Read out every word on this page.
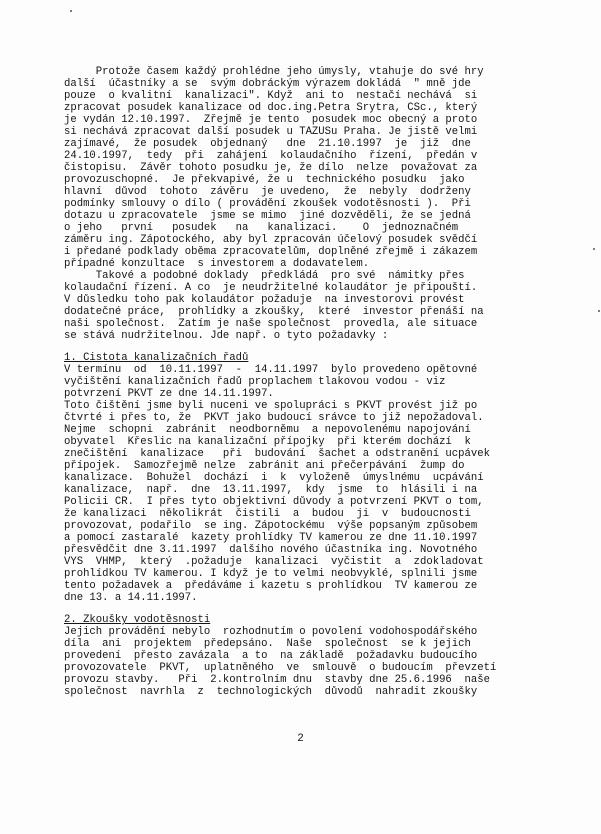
Protože časem každý prohlédne jeho úmysly, vtahuje do své hry
další  účastníky a se  svým dobráckým výrazem dokládá  " mně jde
pouze  o kvalitní  kanalizaci". Když  ani to  nestačí nechává  si
zpracovat posudek kanalizace od doc.ing.Petra Šrytra, CSc., který
je vydán 12.10.1997.  Zřejmě je tento  posudek moc obecný a proto
si nechává zpracovat další posudek u TAZUSu Praha. Je jistě velmi
zajímavé,  že posudek  objednaný   dne  21.10.1997  je  již  dne
24.10.1997,  tedy  při  zahájení  kolaudačního  řízení,  předán v
čistopisu.  Závěr tohoto posudku je, že dílo  nelze  považovat za
provozuschopné.  Je překvapivé, že u  technického posudku  jako
hlavní  důvod  tohoto  závěru  je uvedeno,  že  nebyly  dodrženy
podmínky smlouvy o dílo ( provádění zkoušek vodotěsnosti ).  Při
dotazu u zpracovatele  jsme se mimo  jiné dozvěděli, že se jedná
o jeho   první   posudek   na   kanalizaci.    O  jednoznačném
záměru ing. Zápotockého, aby byl zpracován účelový posudek svědčí
i předané podklady oběma zpracovatelům, doplněné zřejmě i zákazem
případné konzultace  s investorem a dodavatelem.
Takové a podobné doklady  předkládá  pro své  námitky přes
kolaudační řízení. A co  je neudržitelné kolaudátor je připouští.
V důsledku toho pak kolaudátor požaduje  na investorovi provést
dodatečné práce,  prohlídky a zkoušky,  které  investor přenáší na
naši společnost.  Zatím je naše společnost  provedla, ale situace
se stává nudržitelnou. Jde např. o tyto požadavky :
1. Čistota kanalizačních řadů
V termínu  od  10.11.1997  -  14.11.1997  bylo provedeno opětovné
vyčištění kanalizačních řadů proplachem tlakovou vodou - viz
potvrzení PKVT ze dne 14.11.1997.
Toto čištění jsme byli nuceni ve spolupráci s PKVT provést již po
čtvrté i přes to, že  PKVT jako budoucí srávce to již nepožadoval.
Nejme  schopni  zabránit  neodborněmu  a nepovolenému napojování
obyvatel  Křeslic na kanalizační přípojky  při kterém dochází  k
znečištění  kanalizace   při  budování  šachet a odstranění ucpávek
přípojek.  Samozřejmě nelze  zabránit ani přečerpávání  žump do
kanalizace.  Bohužel  dochází  i  k  vyloženě  úmyslnému  ucpávání
kanalizace,  např.  dne  13.11.1997,  kdy  jsme  to  hlásili i na
Policii ČR.  I přes tyto objektivní důvody a potvrzení PKVT o tom,
že kanalizaci  několikrát  čistili  a  budou  ji  v  budoucnosti
provozovat, podařilo  se ing. Zápotockému  výše popsaným způsobem
a pomocí zastaralé  kazety prohlídky TV kamerou ze dne 11.10.1997
přesvědčit dne 3.11.1997  dalšího nového účastníka ing. Novotného
VYS  VHMP,  který  .požaduje  kanalizaci  vyčistit  a  zdokladovat
prohlídkou TV kamerou. I když je to velmi neobvyklé, splnili jsme
tento požadavek a  předáváme i kazetu s prohlídkou  TV kamerou ze
dne 13. a 14.11.1997.
2. Zkoušky vodotěsnosti
Jejich provádění nebylo  rozhodnutím o povolení vodohospodářského
díla  ani  projektem  předepsáno.  Naše  společnost  se k jejich
provedení  přesto zavázala  a to  na základě  požadavku budoucího
provozovatele  PKVT,  uplatněného  ve  smlouvě  o budoucím  převzetí
provozu stavby.   Při  2.kontrolním dnu  stavby dne 25.6.1996  naše
společnost  navrhla  z  technologických  důvodů  nahradit zkoušky
2
